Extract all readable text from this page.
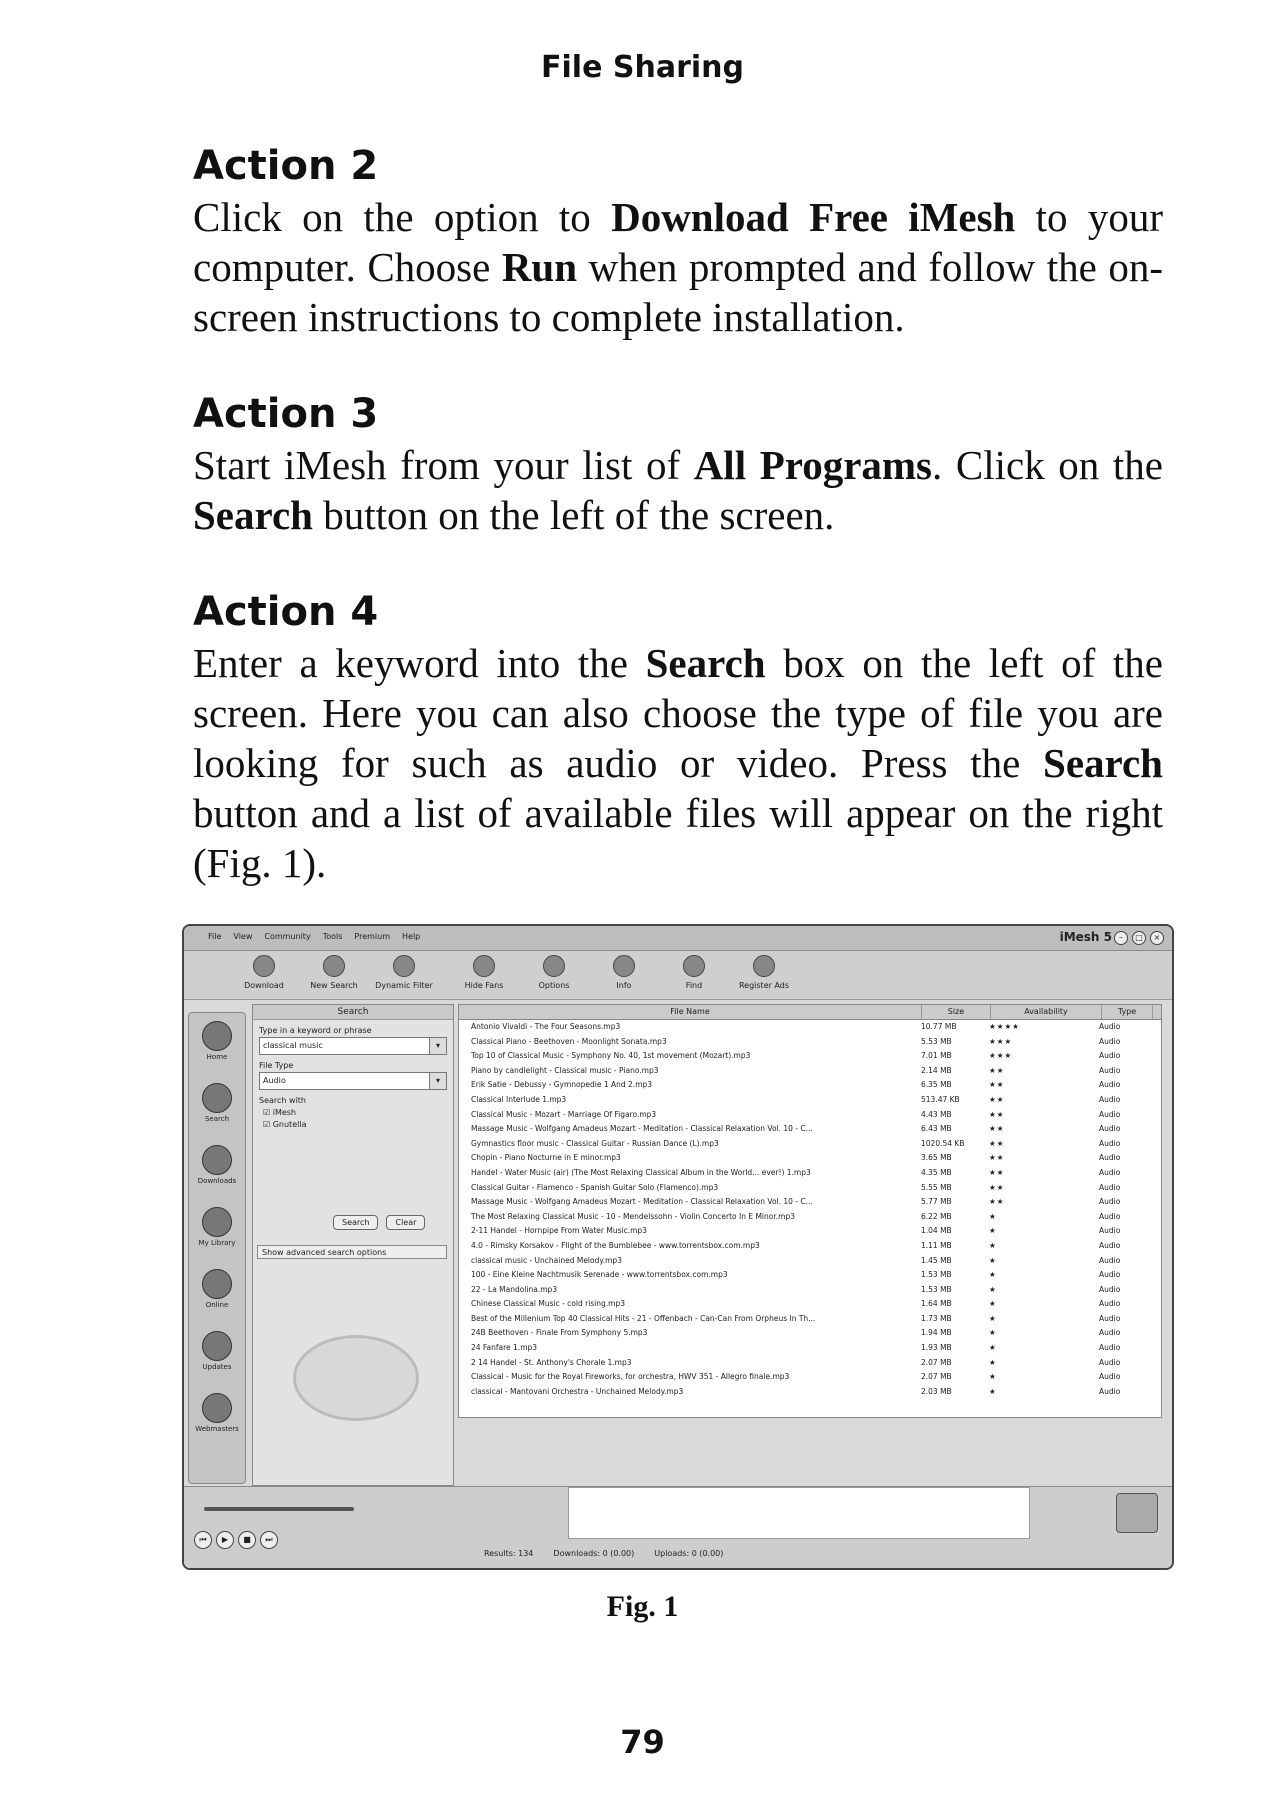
File Sharing
Action 2

Click on the option to Download Free iMesh to your computer. Choose Run when prompted and follow the on-screen instructions to complete installation.

Action 3

Start iMesh from your list of All Programs. Click on the Search button on the left of the screen.

Action 4

Enter a keyword into the Search box on the left of the screen. Here you can also choose the type of file you are looking for such as audio or video. Press the Search button and a list of available files will appear on the right (Fig. 1).

File View Community Tools Premium Help	iMesh 5 –	□	×
Download	New Search	Dynamic Filter	Hide Fans	Options	Info	Find	Register Ads
Home
Search
Downloads
My Library
Online
Updates
Webmasters
Search
Type in a keyword or phrase
classical music	▾
File Type
Audio	▾
Search with
☑ iMesh
☑ Gnutella
Search	Clear
Show advanced search options
File Name	Size	Availability	Type
Antonio Vivaldi - The Four Seasons.mp3	10.77 MB	★★★★	Audio
Classical Piano - Beethoven - Moonlight Sonata.mp3	5.53 MB	★★★	Audio
Top 10 of Classical Music - Symphony No. 40, 1st movement (Mozart).mp3	7.01 MB	★★★	Audio
Piano by candlelight - Classical music - Piano.mp3	2.14 MB	★★	Audio
Erik Satie - Debussy - Gymnopedie 1 And 2.mp3	6.35 MB	★★	Audio
Classical Interlude 1.mp3	513.47 KB	★★	Audio
Classical Music - Mozart - Marriage Of Figaro.mp3	4.43 MB	★★	Audio
Massage Music - Wolfgang Amadeus Mozart - Meditation - Classical Relaxation Vol. 10 - C...	6.43 MB	★★	Audio
Gymnastics floor music - Classical Guitar - Russian Dance (L).mp3	1020.54 KB	★★	Audio
Chopin - Piano Nocturne in E minor.mp3	3.65 MB	★★	Audio
Handel - Water Music (air) (The Most Relaxing Classical Album in the World... ever!) 1.mp3	4.35 MB	★★	Audio
Classical Guitar - Flamenco - Spanish Guitar Solo (Flamenco).mp3	5.55 MB	★★	Audio
Massage Music - Wolfgang Amadeus Mozart - Meditation - Classical Relaxation Vol. 10 - C...	5.77 MB	★★	Audio
The Most Relaxing Classical Music - 10 - Mendelssohn - Violin Concerto In E Minor.mp3	6.22 MB	★	Audio
2-11 Handel - Hornpipe From Water Music.mp3	1.04 MB	★	Audio
4.0 - Rimsky Korsakov - Flight of the Bumblebee - www.torrentsbox.com.mp3	1.11 MB	★	Audio
classical music - Unchained Melody.mp3	1.45 MB	★	Audio
100 - Eine Kleine Nachtmusik Serenade - www.torrentsbox.com.mp3	1.53 MB	★	Audio
22 - La Mandolina.mp3	1.53 MB	★	Audio
Chinese Classical Music - cold rising.mp3	1.64 MB	★	Audio
Best of the Millenium Top 40 Classical Hits - 21 - Offenbach - Can-Can From Orpheus In Th...	1.73 MB	★	Audio
24B Beethoven - Finale From Symphony 5.mp3	1.94 MB	★	Audio
24 Fanfare 1.mp3	1.93 MB	★	Audio
2 14 Handel - St. Anthony's Chorale 1.mp3	2.07 MB	★	Audio
Classical - Music for the Royal Fireworks, for orchestra, HWV 351 - Allegro finale.mp3	2.07 MB	★	Audio
classical - Mantovani Orchestra - Unchained Melody.mp3	2.03 MB	★	Audio
⏮	▶	■	⏭
Results: 134	Downloads: 0 (0.00)	Uploads: 0 (0.00)
Fig. 1
79
